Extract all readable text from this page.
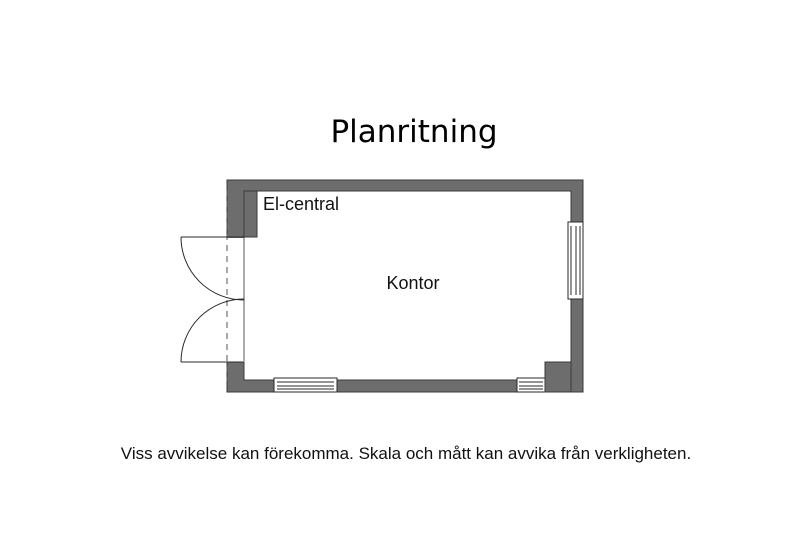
Planritning
El-central
Kontor
Viss avvikelse kan förekomma. Skala och mått kan avvika från verkligheten.
